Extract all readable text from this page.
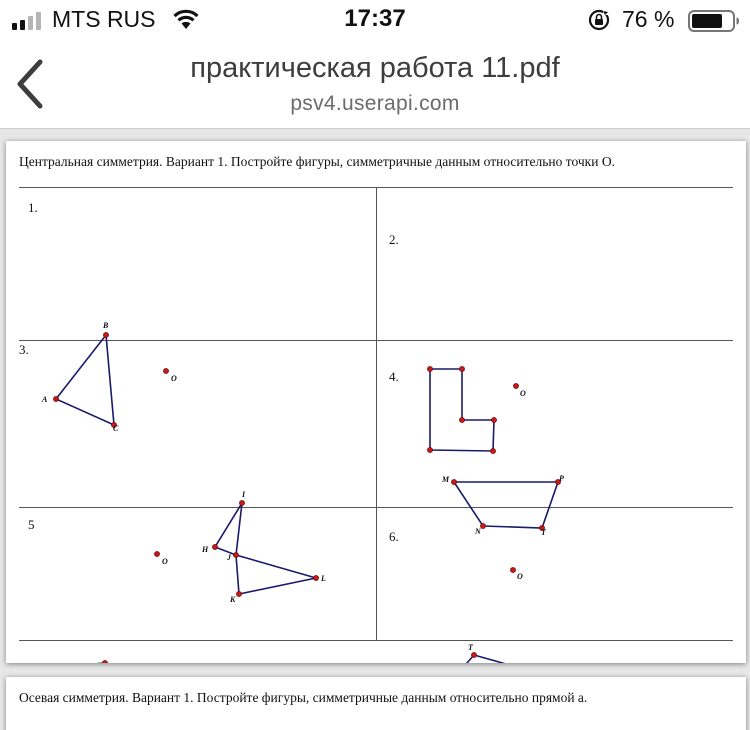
MTS RUS	17:37	76 %
практическая работа 11.pdf
psv4.userapi.com
Центральная симметрия. Вариант 1. Постройте фигуры, симметричные данным относительно точки О.
1.
2.
3.
4.
5
6.
B
A
C
O
O
I
H
J
L
K
O
M	P
N	T
O
T
Осевая симметрия. Вариант 1. Постройте фигуры, симметричные данным относительно прямой а.
